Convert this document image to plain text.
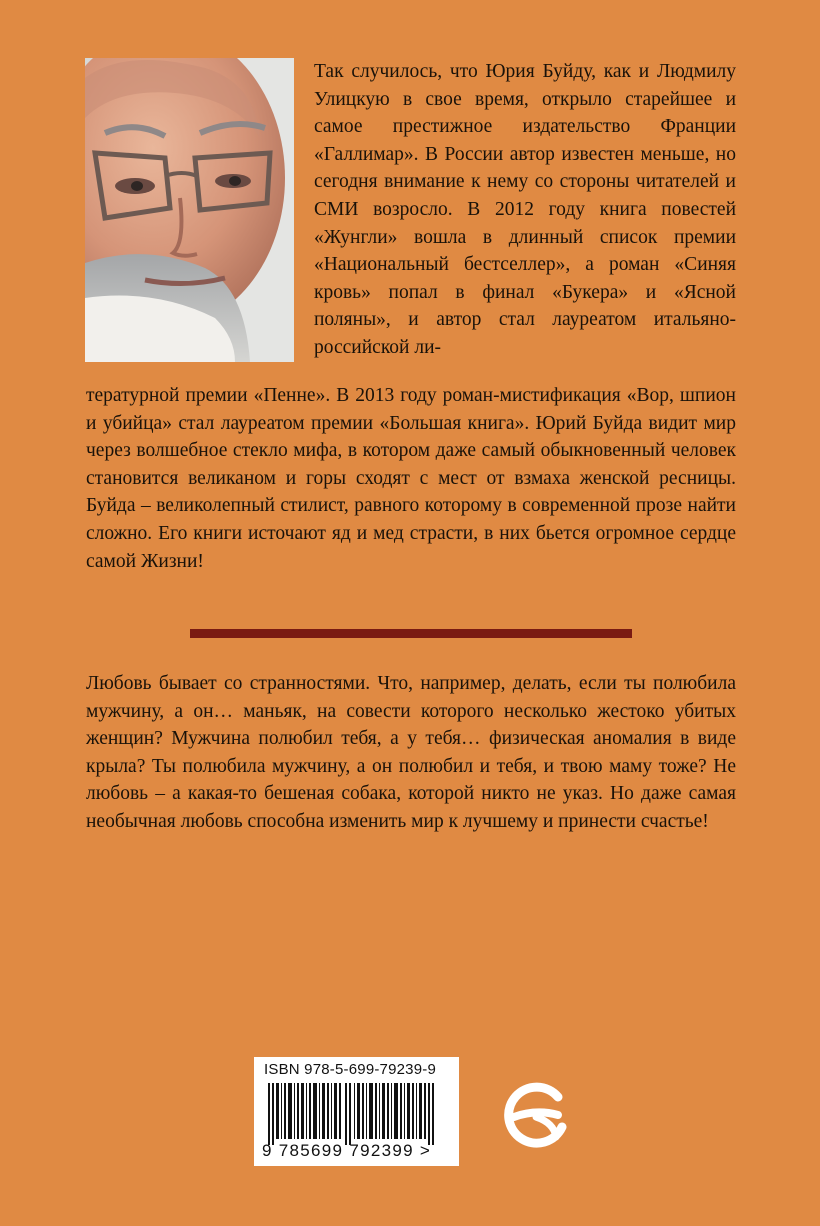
Так случилось, что Юрия Буйду, как и Людмилу Улицкую в свое время, открыло старейшее и самое престижное издательство Франции «Галлимар». В России автор известен меньше, но сегодня внимание к нему со стороны читателей и СМИ возросло. В 2012 году книга повестей «Жунгли» вошла в длинный список премии «Национальный бестселлер», а роман «Синяя кровь» попал в финал «Букера» и «Ясной поляны», и автор стал лауреатом итальяно-российской ли-

тературной премии «Пенне». В 2013 году роман-мистификация «Вор, шпион и убийца» стал лауреатом премии «Большая книга». Юрий Буйда видит мир через волшебное стекло мифа, в котором даже самый обыкновенный человек становится великаном и горы сходят с мест от взмаха женской ресницы. Буйда – великолепный стилист, равного которому в современной прозе найти сложно. Его книги источают яд и мед страсти, в них бьется огромное сердце самой Жизни!

Любовь бывает со странностями. Что, например, делать, если ты полюбила мужчину, а он… маньяк, на совести которого несколько жестоко убитых женщин? Мужчина полюбил тебя, а у тебя… физическая аномалия в виде крыла? Ты полюбила мужчину, а он полюбил и тебя, и твою маму тоже? Не любовь – а какая-то бешеная собака, которой никто не указ. Но даже самая необычная любовь способна изменить мир к лучшему и принести счастье!

ISBN 978-5-699-79239-9
9 785699 792399 >
